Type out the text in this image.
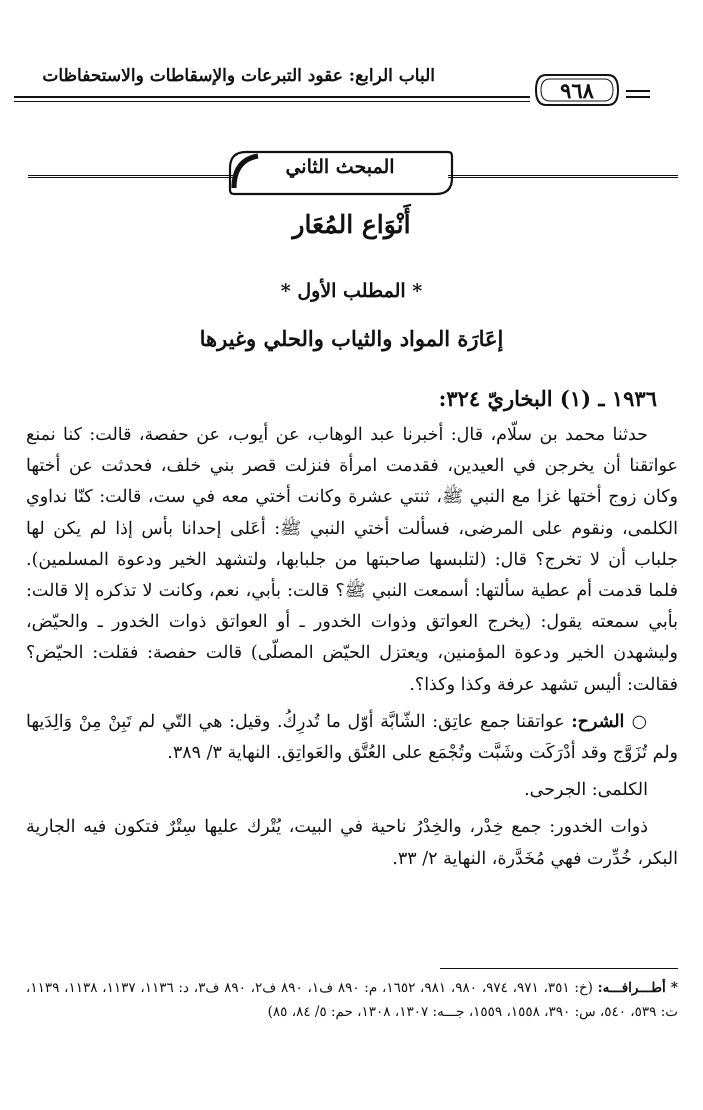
الباب الرابع: عقود التبرعات والإسقاطات والاستحفاظات
٩٦٨
المبحث الثاني
أَنْوَاع المُعَار
* المطلب الأول *
إعَارَة المواد والثياب والحلي وغيرها
١٩٣٦ ـ (١) البخاريّ ٣٢٤:

حدثنا محمد بن سلّام، قال: أخبرنا عبد الوهاب، عن أيوب، عن حفصة، قالت: كنا نمنع عواتقنا أن يخرجن في العيدين، فقدمت امرأة فنزلت قصر بني خلف، فحدثت عن أختها وكان زوج أختها غزا مع النبي ﷺ، ثنتي عشرة وكانت أختي معه في ست، قالت: كنّا نداوي الكلمى، ونقوم على المرضى، فسألت أختي النبي ﷺ: أعَلى إحدانا بأس إذا لم يكن لها جلباب أن لا تخرج؟ قال: (لتلبسها صاحبتها من جلبابها، ولتشهد الخير ودعوة المسلمين). فلما قدمت أم عطية سألتها: أسمعت النبي ﷺ؟ قالت: بأبي، نعم، وكانت لا تذكره إلا قالت: بأبي سمعته يقول: (يخرج العواتق وذوات الخدور ـ أو العواتق ذوات الخدور ـ والحيّض، وليشهدن الخير ودعوة المؤمنين، ويعتزل الحيّض المصلّى) قالت حفصة: فقلت: الحيّض؟ فقالت: أليس تشهد عرفة وكذا وكذا؟.

○ الشرح: عواتقنا جمع عاتِق: الشّابَّة أوّل ما تُدرِكُ. وقيل: هي التّي لم تَبِنْ مِنْ وَالِدَيها ولم تُزَوَّج وقد أدْرَكَت وشَبَّت وتُجْمَع على العُتَّق والعَواتِق. النهاية ٣/ ٣٨٩.

الكلمى: الجرحى.

ذوات الخدور: جمع خِدْر، والخِدْرُ ناحية في البيت، يُتْرك عليها سِتْرٌ فتكون فيه الجارية البكر، خُدِّرت فهي مُخَدَّرة، النهاية ٢/ ٣٣.

* أطـــرافـــه: (خ: ٣٥١، ٩٧١، ٩٧٤، ٩٨٠، ٩٨١، ١٦٥٢، م: ٨٩٠ ف١، ٨٩٠ ف٢، ٨٩٠ ف٣، د: ١١٣٦، ١١٣٧، ١١٣٨، ١١٣٩، ت: ٥٣٩، ٥٤٠، س: ٣٩٠، ١٥٥٨، ١٥٥٩، جـــه: ١٣٠٧، ١٣٠٨، حم: ٥/ ٨٤، ٨٥)
